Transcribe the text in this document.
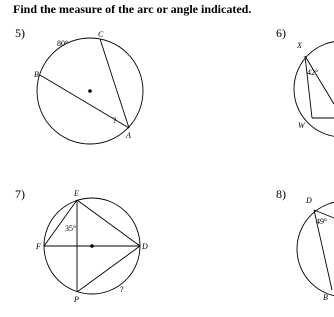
Find the measure of the arc or angle indicated.
5)
80°
C
B
A
?
6)
X
42°
W
7)	E
F	D
P
35°
?
8)	D
49°
B
